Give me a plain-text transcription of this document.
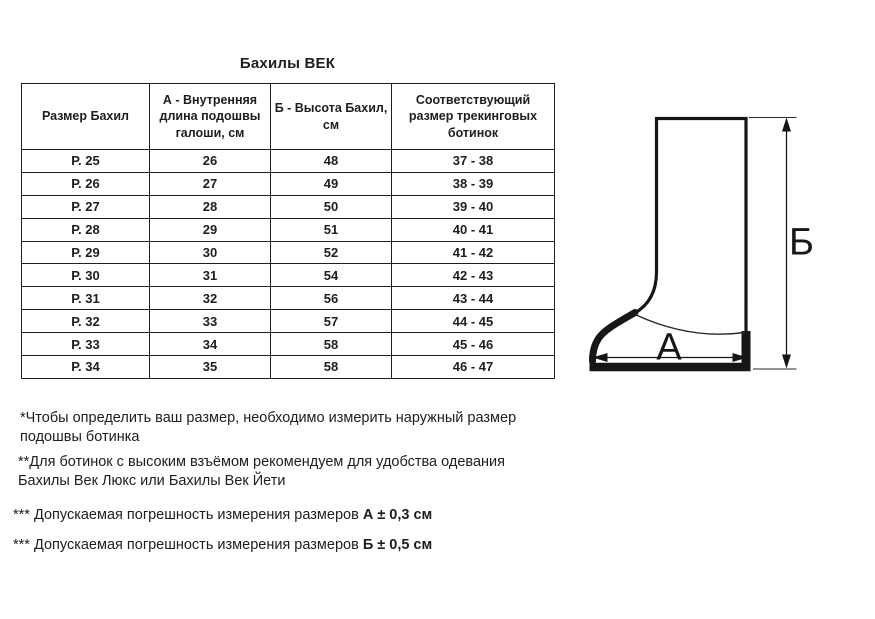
Бахилы ВЕК
Размер Бахил	А - Внутренняя длина подошвы галоши, см	Б - Высота Бахил, см	Соответствующий размер трекинговых ботинок
Р. 25	26	48	37 - 38
Р. 26	27	49	38 - 39
Р. 27	28	50	39 - 40
Р. 28	29	51	40 - 41
Р. 29	30	52	41 - 42
Р. 30	31	54	42 - 43
Р. 31	32	56	43 - 44
Р. 32	33	57	44 - 45
Р. 33	34	58	45 - 46
Р. 34	35	58	46 - 47
*Чтобы определить ваш размер, необходимо измерить наружный размер
подошвы ботинка
**Для ботинок с высоким взъёмом рекомендуем для удобства одевания
Бахилы Век Люкс или Бахилы Век Йети
*** Допускаемая погрешность измерения размеров А ± 0,3 см
*** Допускаемая погрешность измерения размеров Б ± 0,5 см
А
Б
